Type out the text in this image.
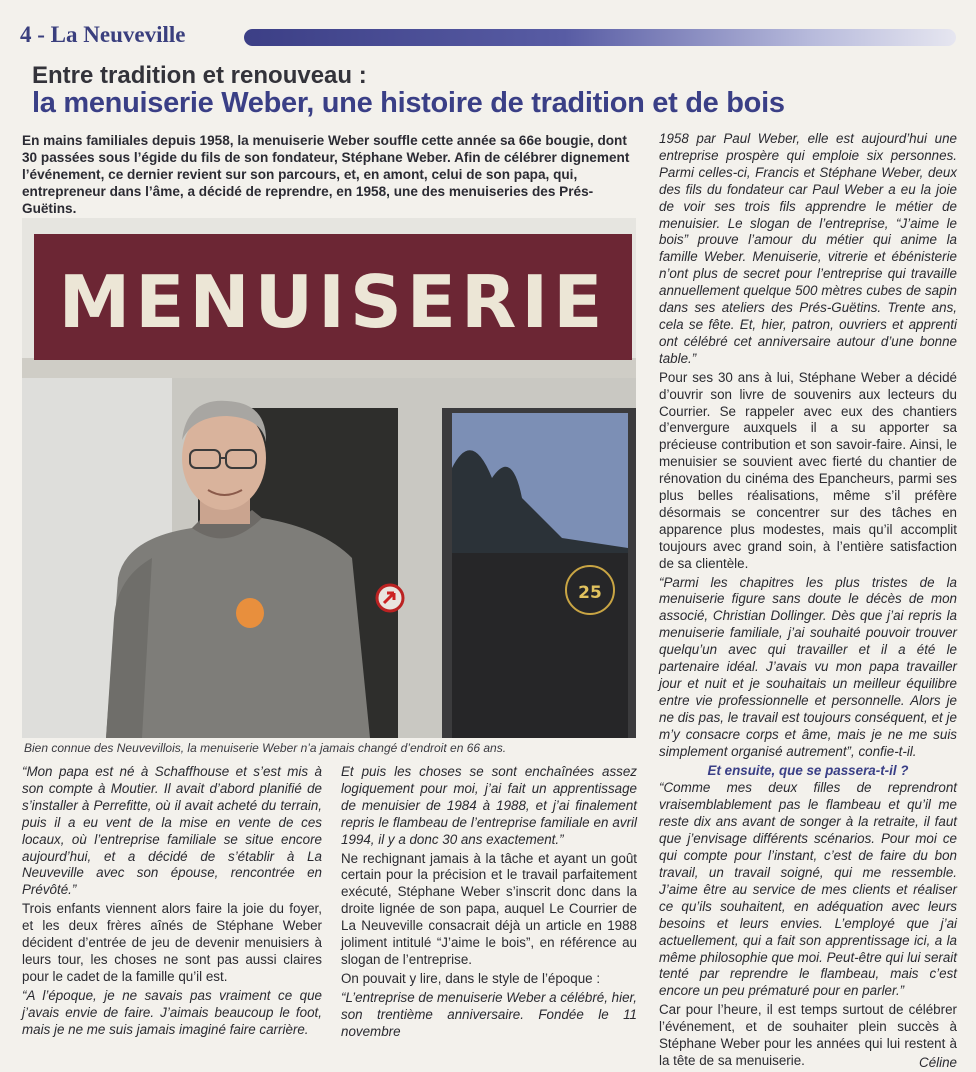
4 - La Neuveville
Entre tradition et renouveau :
la menuiserie Weber, une histoire de tradition et de bois
En mains familiales depuis 1958, la menuiserie Weber souffle cette année sa 66e bougie, dont 30 passées sous l’égide du fils de son fondateur, Stéphane Weber. Afin de célébrer dignement l’événement, ce dernier revient sur son parcours, et, en amont, celui de son papa, qui, entrepreneur dans l’âme, a décidé de reprendre, en 1958, une des menuiseries des Prés-Guëtins.
MENUISERIE
25
Bien connue des Neuvevillois, la menuiserie Weber n’a jamais changé d’endroit en 66 ans.

“Mon papa est né à Schaffhouse et s’est mis à son compte à Moutier. Il avait d’abord planifié de s’installer à Perrefitte, où il avait acheté du terrain, puis il a eu vent de la mise en vente de ces locaux, où l’entreprise familiale se situe encore aujourd’hui, et a décidé de s’établir à La Neuveville avec son épouse, rencontrée en Prévôté.”

Trois enfants viennent alors faire la joie du foyer, et les deux frères aînés de Stéphane Weber décident d’entrée de jeu de devenir menuisiers à leurs tour, les choses ne sont pas aussi claires pour le cadet de la famille qu’il est.

“A l’époque, je ne savais pas vraiment ce que j’avais envie de faire. J’aimais beaucoup le foot, mais je ne me suis jamais imaginé faire carrière.

Et puis les choses se sont enchaînées assez logiquement pour moi, j’ai fait un apprentissage de menuisier de 1984 à 1988, et j’ai finalement repris le flambeau de l’entreprise familiale en avril 1994, il y a donc 30 ans exactement.”

Ne rechignant jamais à la tâche et ayant un goût certain pour la précision et le travail parfaitement exécuté, Stéphane Weber s’inscrit donc dans la droite lignée de son papa, auquel Le Courrier de La Neuveville consacrait déjà un article en 1988 joliment intitulé “J’aime le bois”, en référence au slogan de l’entreprise.

On pouvait y lire, dans le style de l’époque :

“L’entreprise de menuiserie Weber a célébré, hier, son trentième anniversaire. Fondée le 11 novembre

1958 par Paul Weber, elle est aujourd’hui une entreprise prospère qui emploie six personnes. Parmi celles-ci, Francis et Stéphane Weber, deux des fils du fondateur car Paul Weber a eu la joie de voir ses trois fils apprendre le métier de menuisier. Le slogan de l’entreprise, “J’aime le bois” prouve l’amour du métier qui anime la famille Weber. Menuiserie, vitrerie et ébénisterie n’ont plus de secret pour l’entreprise qui travaille annuellement quelque 500 mètres cubes de sapin dans ses ateliers des Prés-Guëtins. Trente ans, cela se fête. Et, hier, patron, ouvriers et apprenti ont célébré cet anniversaire autour d’une bonne table.”

Pour ses 30 ans à lui, Stéphane Weber a décidé d’ouvrir son livre de souvenirs aux lecteurs du Courrier. Se rappeler avec eux des chantiers d’envergure auxquels il a su apporter sa précieuse contribution et son savoir-faire. Ainsi, le menuisier se souvient avec fierté du chantier de rénovation du cinéma des Epancheurs, parmi ses plus belles réalisations, même s’il préfère désormais se concentrer sur des tâches en apparence plus modestes, mais qu’il accomplit toujours avec grand soin, à l’entière satisfaction de sa clientèle.

“Parmi les chapitres les plus tristes de la menuiserie figure sans doute le décès de mon associé, Christian Dollinger. Dès que j’ai repris la menuiserie familiale, j’ai souhaité pouvoir trouver quelqu’un avec qui travailler et il a été le partenaire idéal. J’avais vu mon papa travailler jour et nuit et je souhaitais un meilleur équilibre entre vie professionnelle et personnelle. Alors je ne dis pas, le travail est toujours conséquent, et je m’y consacre corps et âme, mais je ne me suis simplement organisé autrement”, confie-t-il.

Et ensuite, que se passera-t-il ?

“Comme mes deux filles de reprendront vraisemblablement pas le flambeau et qu’il me reste dix ans avant de songer à la retraite, il faut que j’envisage différents scénarios. Pour moi ce qui compte pour l’instant, c’est de faire du bon travail, un travail soigné, qui me ressemble. J’aime être au service de mes clients et réaliser ce qu’ils souhaitent, en adéquation avec leurs besoins et leurs envies. L’employé que j’ai actuellement, qui a fait son apprentissage ici, a la même philosophie que moi. Peut-être qui lui serait tenté par reprendre le flambeau, mais c’est encore un peu prématuré pour en parler.”

Car pour l’heure, il est temps surtout de célébrer l’événement, et de souhaiter plein succès à Stéphane Weber pour les années qui lui restent à la tête de sa menuiserie.	Céline
